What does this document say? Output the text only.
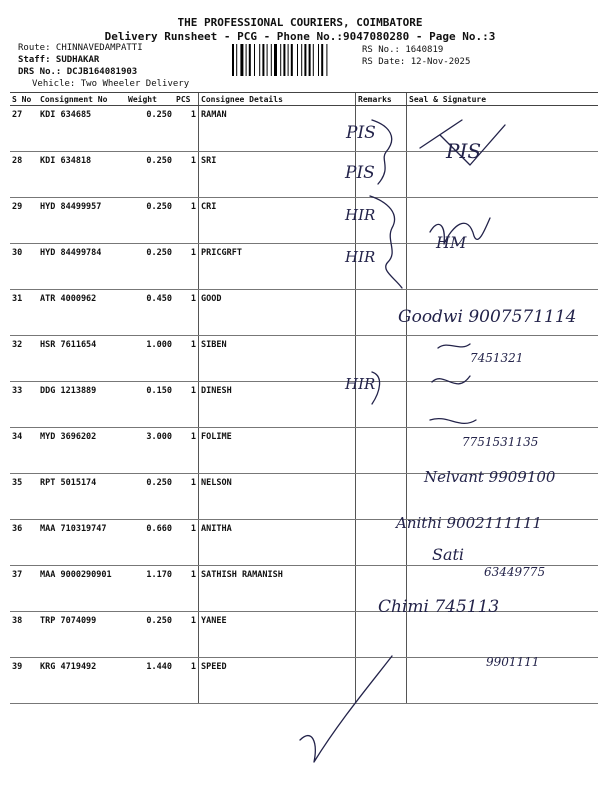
THE PROFESSIONAL COURIERS, COIMBATORE
Delivery Runsheet - PCG - Phone No.:9047080280 - Page No.:3
Route: CHINNAVEDAMPATTI
Staff: SUDHAKAR
DRS No.: DCJB164081903
Vehicle: Two Wheeler Delivery
RS No.: 1640819
RS Date: 12-Nov-2025
S No	Consignment No	Weight	PCS	Consignee Details	Remarks	Seal & Signature
27	KDI 634685	0.250	1	RAMAN		
28	KDI 634818	0.250	1	SRI		
29	HYD 84499957	0.250	1	CRI		
30	HYD 84499784	0.250	1	PRICGRFT		
31	ATR 4000962	0.450	1	GOOD		
32	HSR 7611654	1.000	1	SIBEN		
33	DDG 1213889	0.150	1	DINESH		
34	MYD 3696202	3.000	1	FOLIME		
35	RPT 5015174	0.250	1	NELSON		
36	MAA 710319747	0.660	1	ANITHA		
37	MAA 9000290901	1.170	1	SATHISH RAMANISH		
38	TRP 7074099	0.250	1	YANEE		
39	KRG 4719492	1.440	1	SPEED		
PIS
PIS
HIR
HIR
HIR
PIS
HM
Goodwi 9007571114
7451321
7751531135
Nelvant 9909100
Anithi 9002111111
Sati
63449775
Chimi 745113
9901111
